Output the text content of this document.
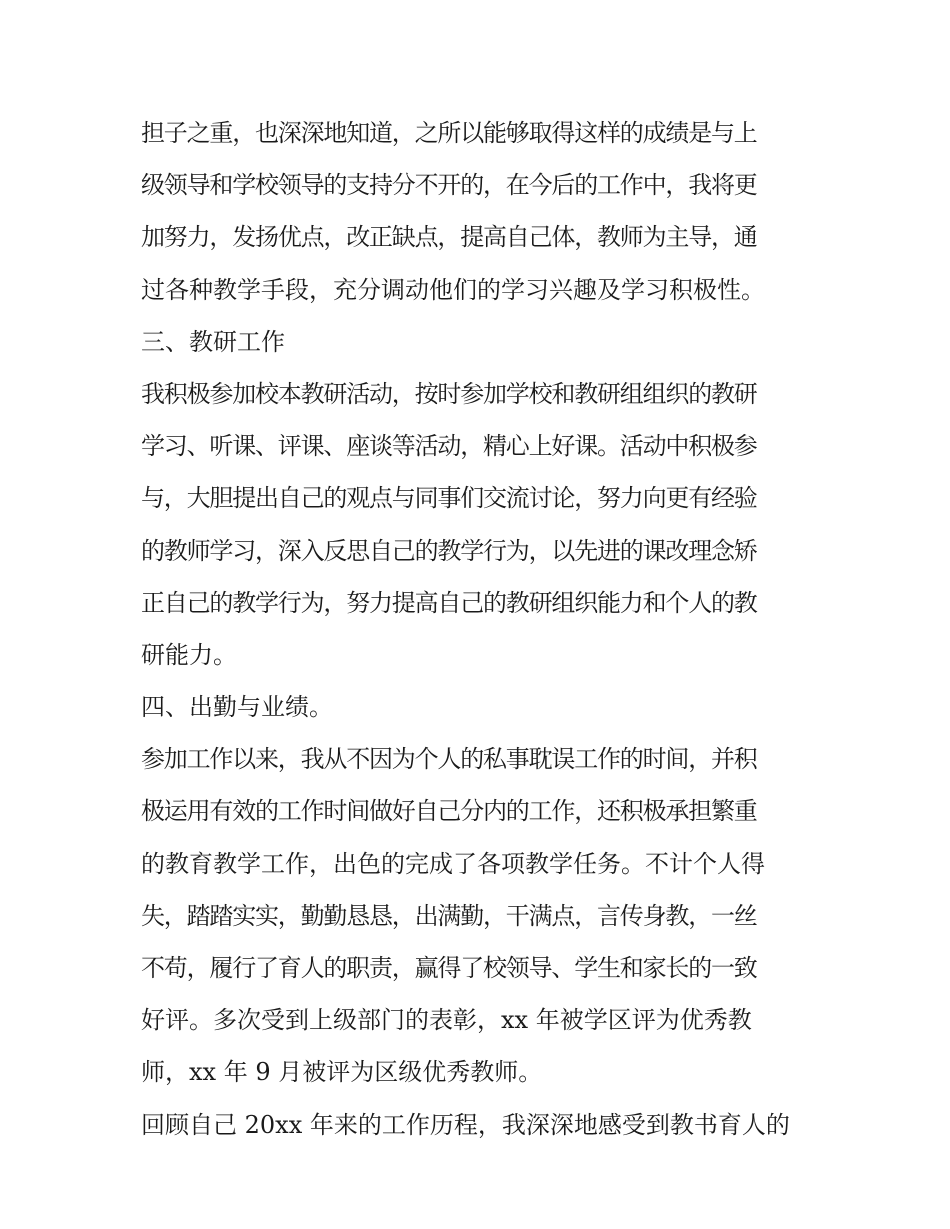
担子之重，也深深地知道，之所以能够取得这样的成绩是与上
级领导和学校领导的支持分不开的，在今后的工作中，我将更
加努力，发扬优点，改正缺点，提高自己体，教师为主导，通
过各种教学手段，充分调动他们的学习兴趣及学习积极性。
三、教研工作
我积极参加校本教研活动，按时参加学校和教研组组织的教研
学习、听课、评课、座谈等活动，精心上好课。活动中积极参
与，大胆提出自己的观点与同事们交流讨论，努力向更有经验
的教师学习，深入反思自己的教学行为，以先进的课改理念矫
正自己的教学行为，努力提高自己的教研组织能力和个人的教
研能力。
四、出勤与业绩。
参加工作以来，我从不因为个人的私事耽误工作的时间，并积
极运用有效的工作时间做好自己分内的工作，还积极承担繁重
的教育教学工作，出色的完成了各项教学任务。不计个人得
失，踏踏实实，勤勤恳恳，出满勤，干满点，言传身教，一丝
不苟，履行了育人的职责，赢得了校领导、学生和家长的一致
好评。多次受到上级部门的表彰，xx 年被学区评为优秀教
师，xx 年 9 月被评为区级优秀教师。
回顾自己 20xx 年来的工作历程，我深深地感受到教书育人的
